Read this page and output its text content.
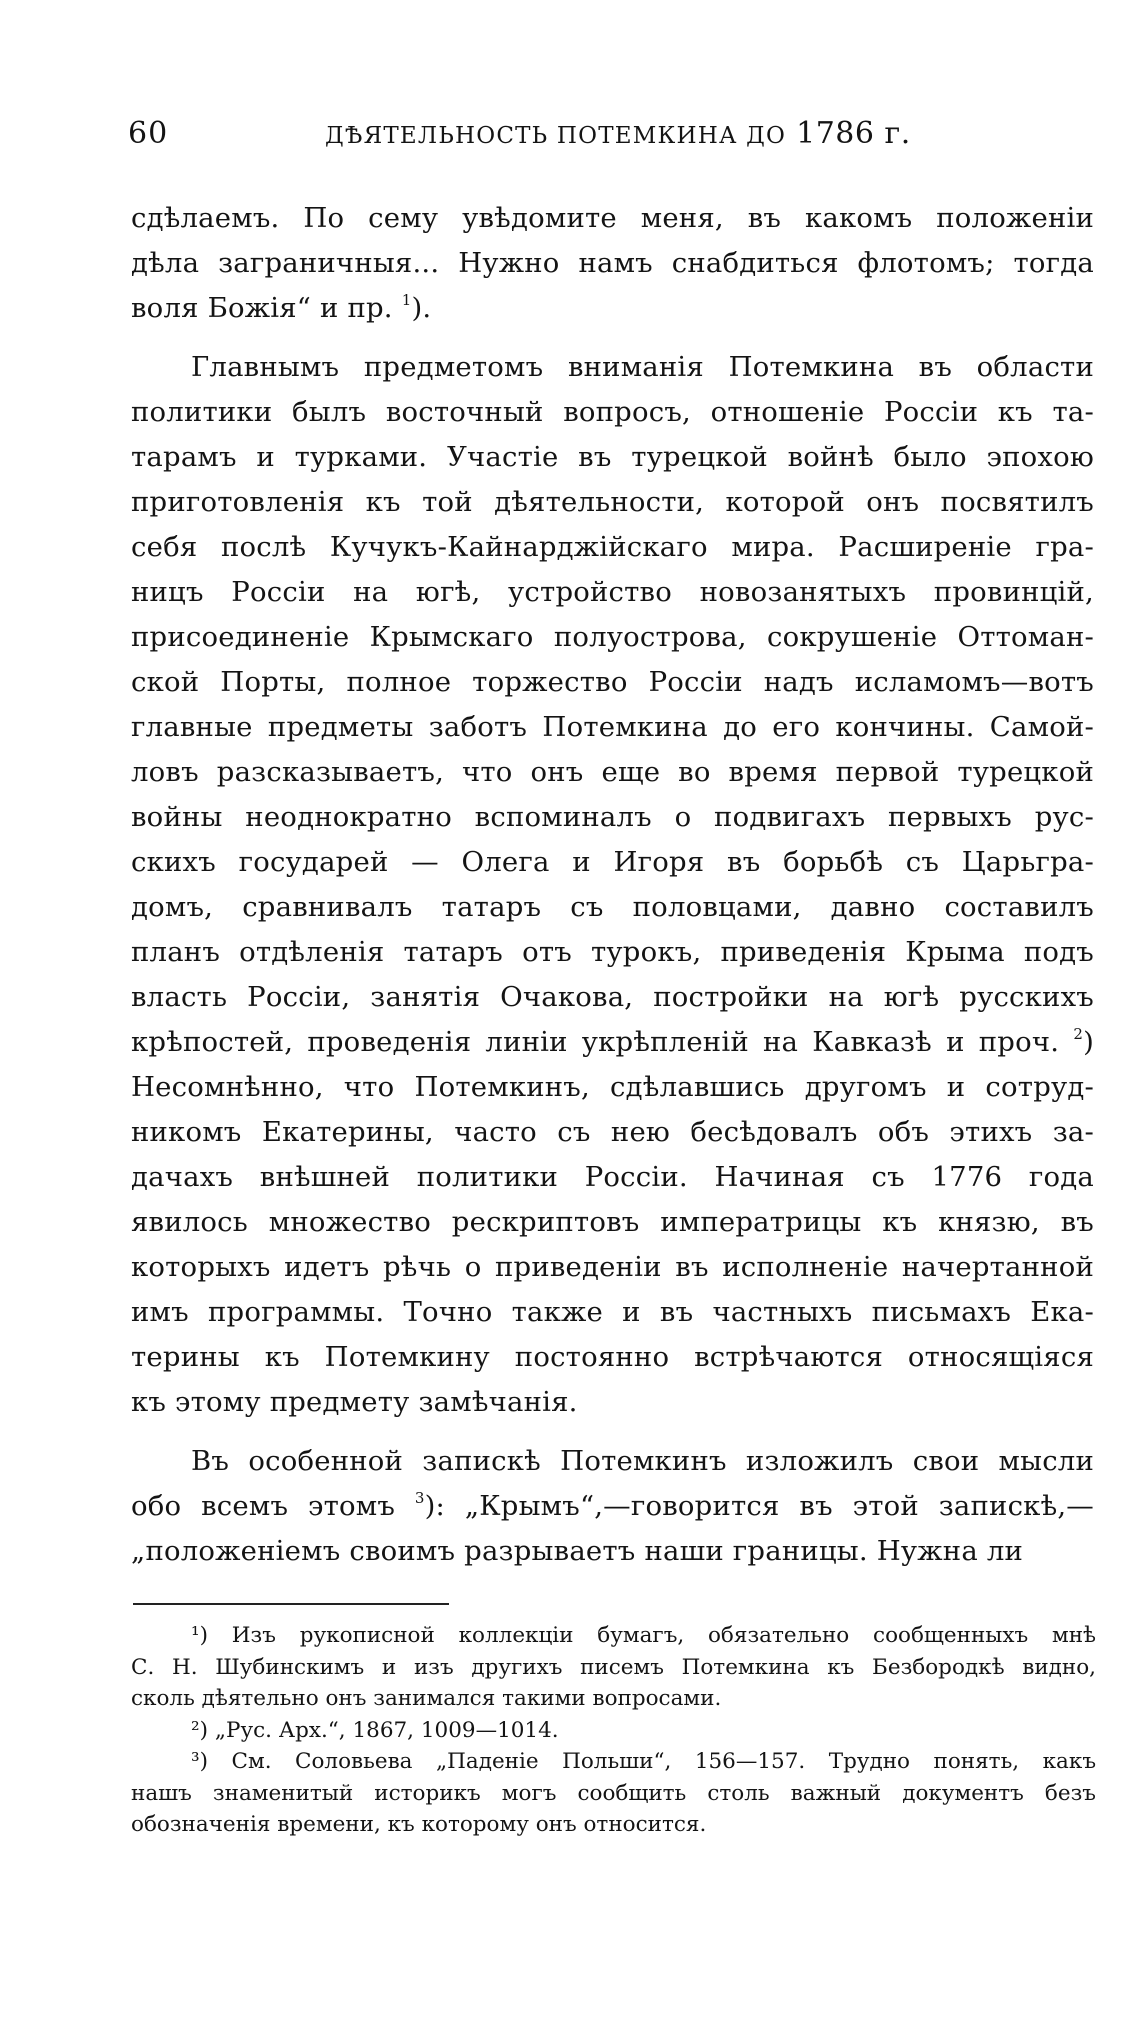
60	ДѢЯТЕЛЬНОСТЬ ПОТЕМКИНА ДО 1786 г.
сдѣлаемъ. По сему увѣдомите меня, въ какомъ положеніи
дѣла заграничныя... Нужно намъ снабдиться флотомъ; тогда
воля Божія“ и пр. $^1$).
Главнымъ предметомъ вниманія Потемкина въ области
политики былъ восточный вопросъ, отношеніе Россіи къ та-
тарамъ и турками. Участіе въ турецкой войнѣ было эпохою
приготовленія къ той дѣятельности, которой онъ посвятилъ
себя послѣ Кучукъ-Кайнарджійскаго мира. Расширеніе гра-
ницъ Россіи на югѣ, устройство новозанятыхъ провинцій,
присоединеніе Крымскаго полуострова, сокрушеніе Оттоман-
ской Порты, полное торжество Россіи надъ исламомъ—вотъ
главные предметы заботъ Потемкина до его кончины. Самой-
ловъ разсказываетъ, что онъ еще во время первой турецкой
войны неоднократно вспоминалъ о подвигахъ первыхъ рус-
скихъ государей — Олега и Игоря въ борьбѣ съ Царьгра-
домъ, сравнивалъ татаръ съ половцами, давно составилъ
планъ отдѣленія татаръ отъ турокъ, приведенія Крыма подъ
власть Россіи, занятія Очакова, постройки на югѣ русскихъ
крѣпостей, проведенія линіи укрѣпленій на Кавказѣ и проч. $^2$)
Несомнѣнно, что Потемкинъ, сдѣлавшись другомъ и сотруд-
никомъ Екатерины, часто съ нею бесѣдовалъ объ этихъ за-
дачахъ внѣшней политики Россіи. Начиная съ 1776 года
явилось множество рескриптовъ императрицы къ князю, въ
которыхъ идетъ рѣчь о приведеніи въ исполненіе начертанной
имъ программы. Точно также и въ частныхъ письмахъ Ека-
терины къ Потемкину постоянно встрѣчаются относящіяся
къ этому предмету замѣчанія.
Въ особенной запискѣ Потемкинъ изложилъ свои мысли
обо всемъ этомъ $^3$): „Крымъ“,—говорится въ этой запискѣ,—
„положеніемъ своимъ разрываетъ наши границы. Нужна ли
¹) Изъ рукописной коллекціи бумагъ, обязательно сообщенныхъ мнѣ
С. Н. Шубинскимъ и изъ другихъ писемъ Потемкина къ Безбородкѣ видно,
сколь дѣятельно онъ занимался такими вопросами.
²) „Рус. Арх.“, 1867, 1009—1014.
³) См. Соловьева „Паденіе Польши“, 156—157. Трудно понять, какъ
нашъ знаменитый историкъ могъ сообщить столь важный документъ безъ
обозначенія времени, къ которому онъ относится.
